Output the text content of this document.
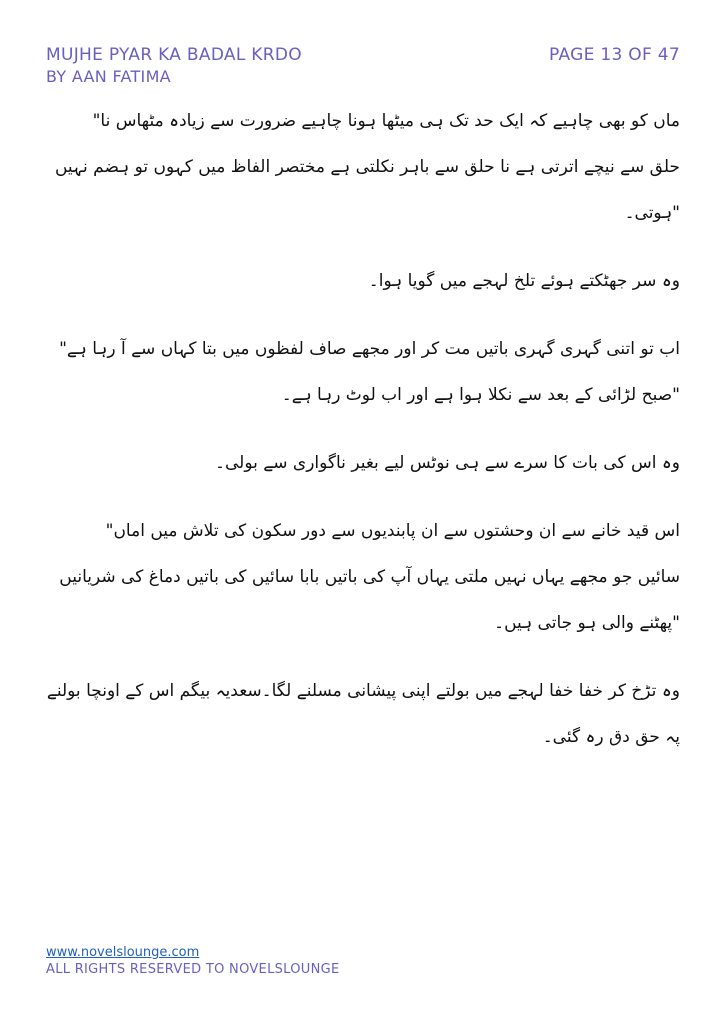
MUJHE PYAR KA BADAL KRDO
BY AAN FATIMA
PAGE 13 OF 47

ماں کو بھی چاہیے کہ ایک حد تک ہی میٹھا ہونا چاہیے ضرورت سے زیادہ مٹھاس نا"
حلق سے نیچے اترتی ہے نا حلق سے باہر نکلتی ہے مختصر الفاظ میں کہوں تو ہضم نہیں
"ہوتی۔

وہ سر جھٹکتے ہوئے تلخ لہجے میں گویا ہوا۔

اب تو اتنی گہری گہری باتیں مت کر اور مجھے صاف لفظوں میں بتا کہاں سے آ رہا ہے"
"صبح لڑائی کے بعد سے نکلا ہوا ہے اور اب لوٹ رہا ہے۔

وہ اس کی بات کا سرے سے ہی نوٹس لیے بغیر ناگواری سے بولی۔

اس قید خانے سے ان وحشتوں سے ان پابندیوں سے دور سکون کی تلاش میں اماں"
سائیں جو مجھے یہاں نہیں ملتی یہاں آپ کی باتیں بابا سائیں کی باتیں دماغ کی شریانیں
"پھٹنے والی ہو جاتی ہیں۔

وہ تڑخ کر خفا خفا لہجے میں بولتے اپنی پیشانی مسلنے لگا۔سعدیہ بیگم اس کے اونچا بولنے
پہ حق دق رہ گئی۔

www.novelslounge.com
ALL RIGHTS RESERVED TO NOVELSLOUNGE
